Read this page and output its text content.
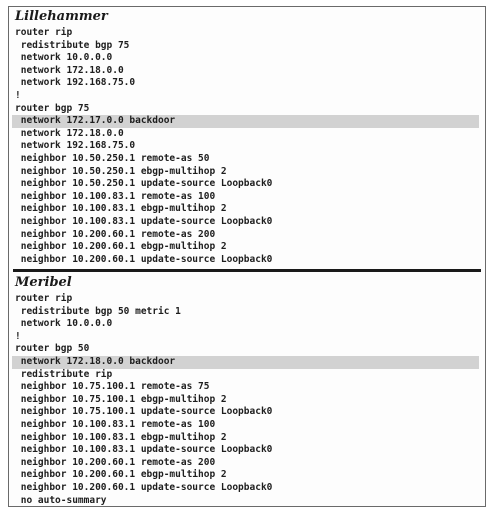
Lillehammer
router rip
redistribute bgp 75
network 10.0.0.0
network 172.18.0.0
network 192.168.75.0
!
router bgp 75
network 172.17.0.0 backdoor
network 172.18.0.0
network 192.168.75.0
neighbor 10.50.250.1 remote-as 50
neighbor 10.50.250.1 ebgp-multihop 2
neighbor 10.50.250.1 update-source Loopback0
neighbor 10.100.83.1 remote-as 100
neighbor 10.100.83.1 ebgp-multihop 2
neighbor 10.100.83.1 update-source Loopback0
neighbor 10.200.60.1 remote-as 200
neighbor 10.200.60.1 ebgp-multihop 2
neighbor 10.200.60.1 update-source Loopback0
Meribel
router rip
redistribute bgp 50 metric 1
network 10.0.0.0
!
router bgp 50
network 172.18.0.0 backdoor
redistribute rip
neighbor 10.75.100.1 remote-as 75
neighbor 10.75.100.1 ebgp-multihop 2
neighbor 10.75.100.1 update-source Loopback0
neighbor 10.100.83.1 remote-as 100
neighbor 10.100.83.1 ebgp-multihop 2
neighbor 10.100.83.1 update-source Loopback0
neighbor 10.200.60.1 remote-as 200
neighbor 10.200.60.1 ebgp-multihop 2
neighbor 10.200.60.1 update-source Loopback0
no auto-summary
